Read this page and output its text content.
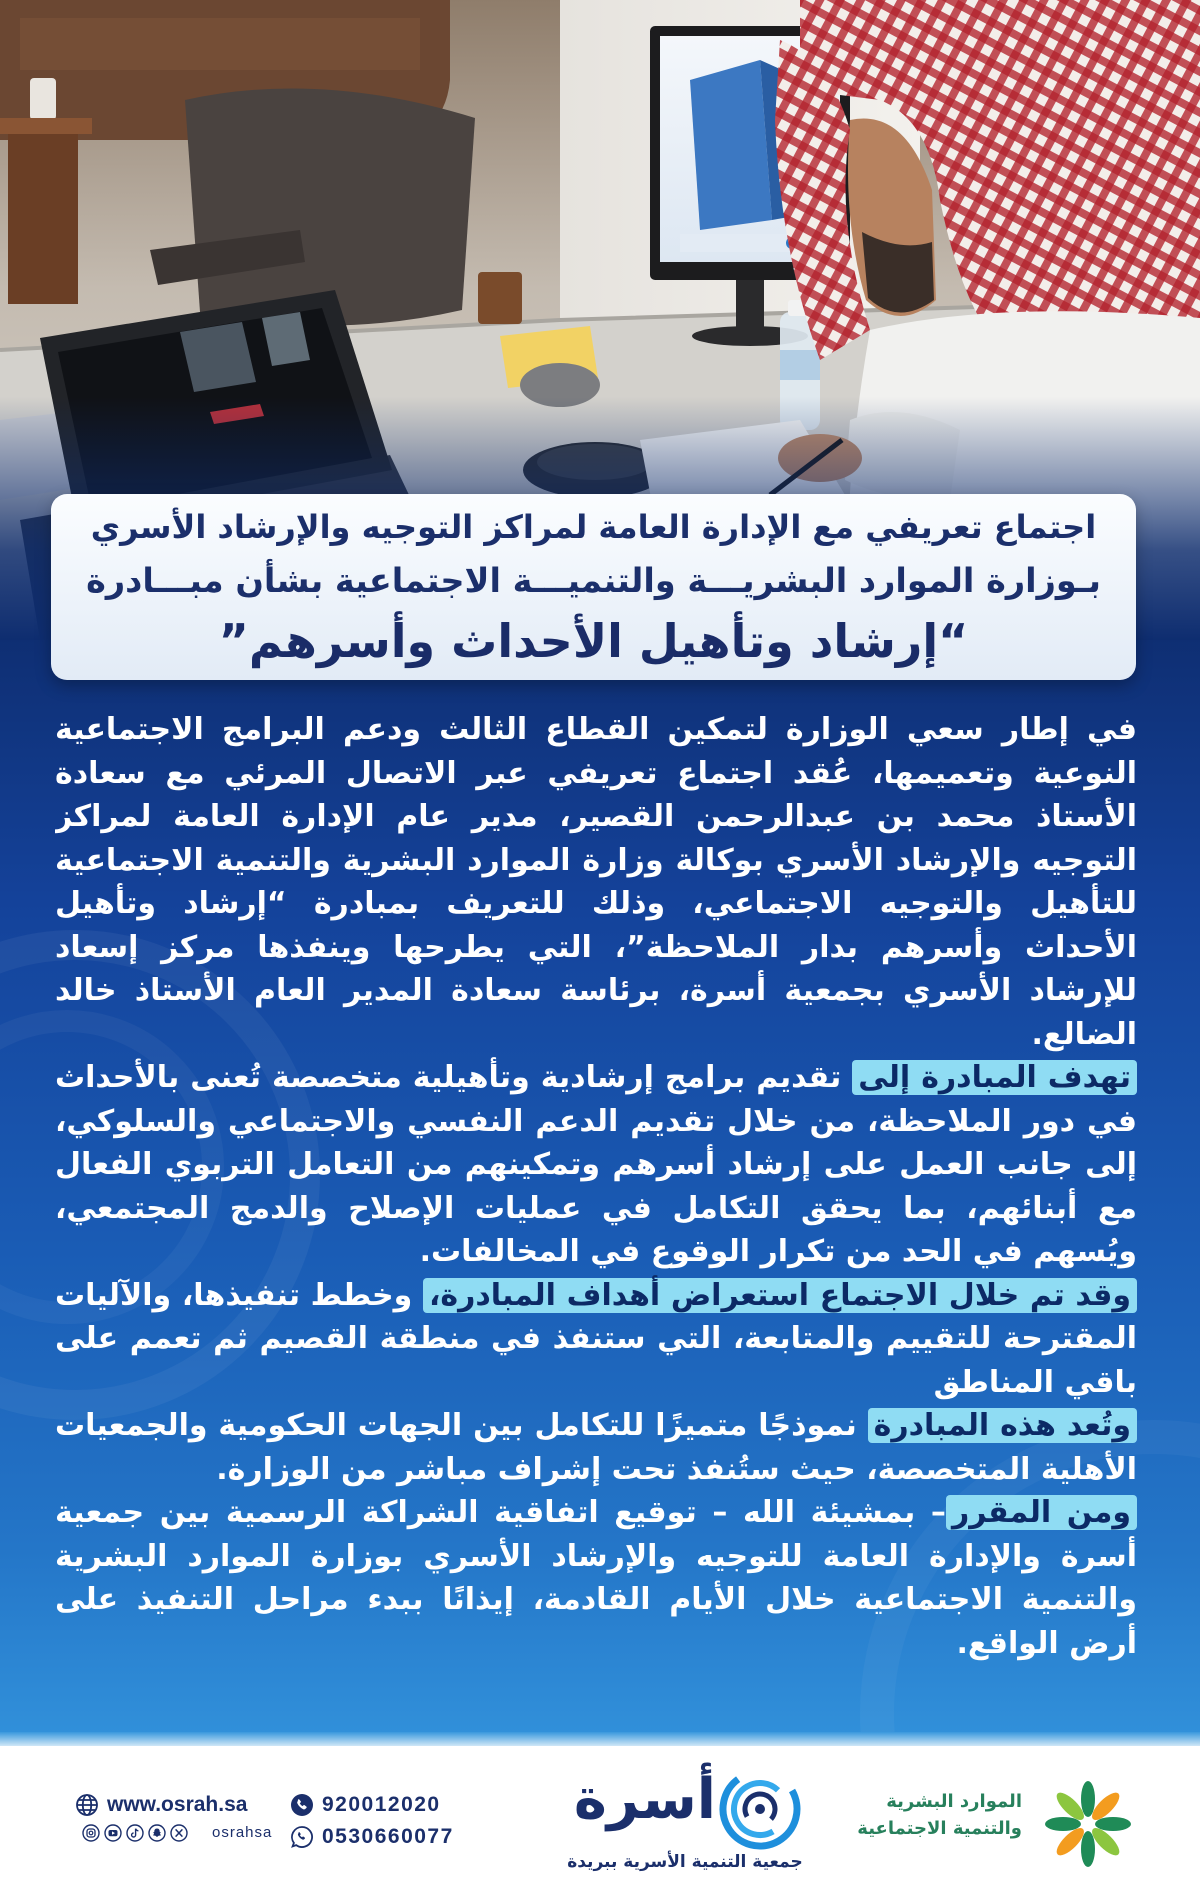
اجتماع تعريفي مع الإدارة العامة لمراكز التوجيه والإرشاد الأسري
بـوزارة الموارد البشريـــة والتنميـــة الاجتماعية بشأن مبـــادرة
“إرشاد وتأهيل الأحداث وأسرهم”

في إطار سعي الوزارة لتمكين القطاع الثالث ودعم البرامج الاجتماعية النوعية وتعميمها، عُقد اجتماع تعريفي عبر الاتصال المرئي مع سعادة الأستاذ محمد بن عبدالرحمن القصير، مدير عام الإدارة العامة لمراكز التوجيه والإرشاد الأسري بوكالة وزارة الموارد البشرية والتنمية الاجتماعية للتأهيل والتوجيه الاجتماعي، وذلك للتعريف بمبادرة “إرشاد وتأهيل الأحداث وأسرهم بدار الملاحظة”، التي يطرحها وينفذها مركز إسعاد للإرشاد الأسري بجمعية أسرة، برئاسة سعادة المدير العام الأستاذ خالد الضالع.

تهدف المبادرة إلى تقديم برامج إرشادية وتأهيلية متخصصة تُعنى بالأحداث في دور الملاحظة، من خلال تقديم الدعم النفسي والاجتماعي والسلوكي، إلى جانب العمل على إرشاد أسرهم وتمكينهم من التعامل التربوي الفعال مع أبنائهم، بما يحقق التكامل في عمليات الإصلاح والدمج المجتمعي، ويُسهم في الحد من تكرار الوقوع في المخالفات.

وقد تم خلال الاجتماع استعراض أهداف المبادرة، وخطط تنفيذها، والآليات المقترحة للتقييم والمتابعة، التي ستنفذ في منطقة القصيم ثم تعمم على باقي المناطق

وتُعد هذه المبادرة نموذجًا متميزًا للتكامل بين الجهات الحكومية والجمعيات الأهلية المتخصصة، حيث ستُنفذ تحت إشراف مباشر من الوزارة.

ومن المقرر– بمشيئة الله – توقيع اتفاقية الشراكة الرسمية بين جمعية أسرة والإدارة العامة للتوجيه والإرشاد الأسري بوزارة الموارد البشرية والتنمية الاجتماعية خلال الأيام القادمة، إيذانًا ببدء مراحل التنفيذ على أرض الواقع.

الموارد البشرية
والتنمية الاجتماعية
أسرة
جمعية التنمية الأسرية ببريدة
www.osrah.sa
osrahsa
920012020
0530660077
